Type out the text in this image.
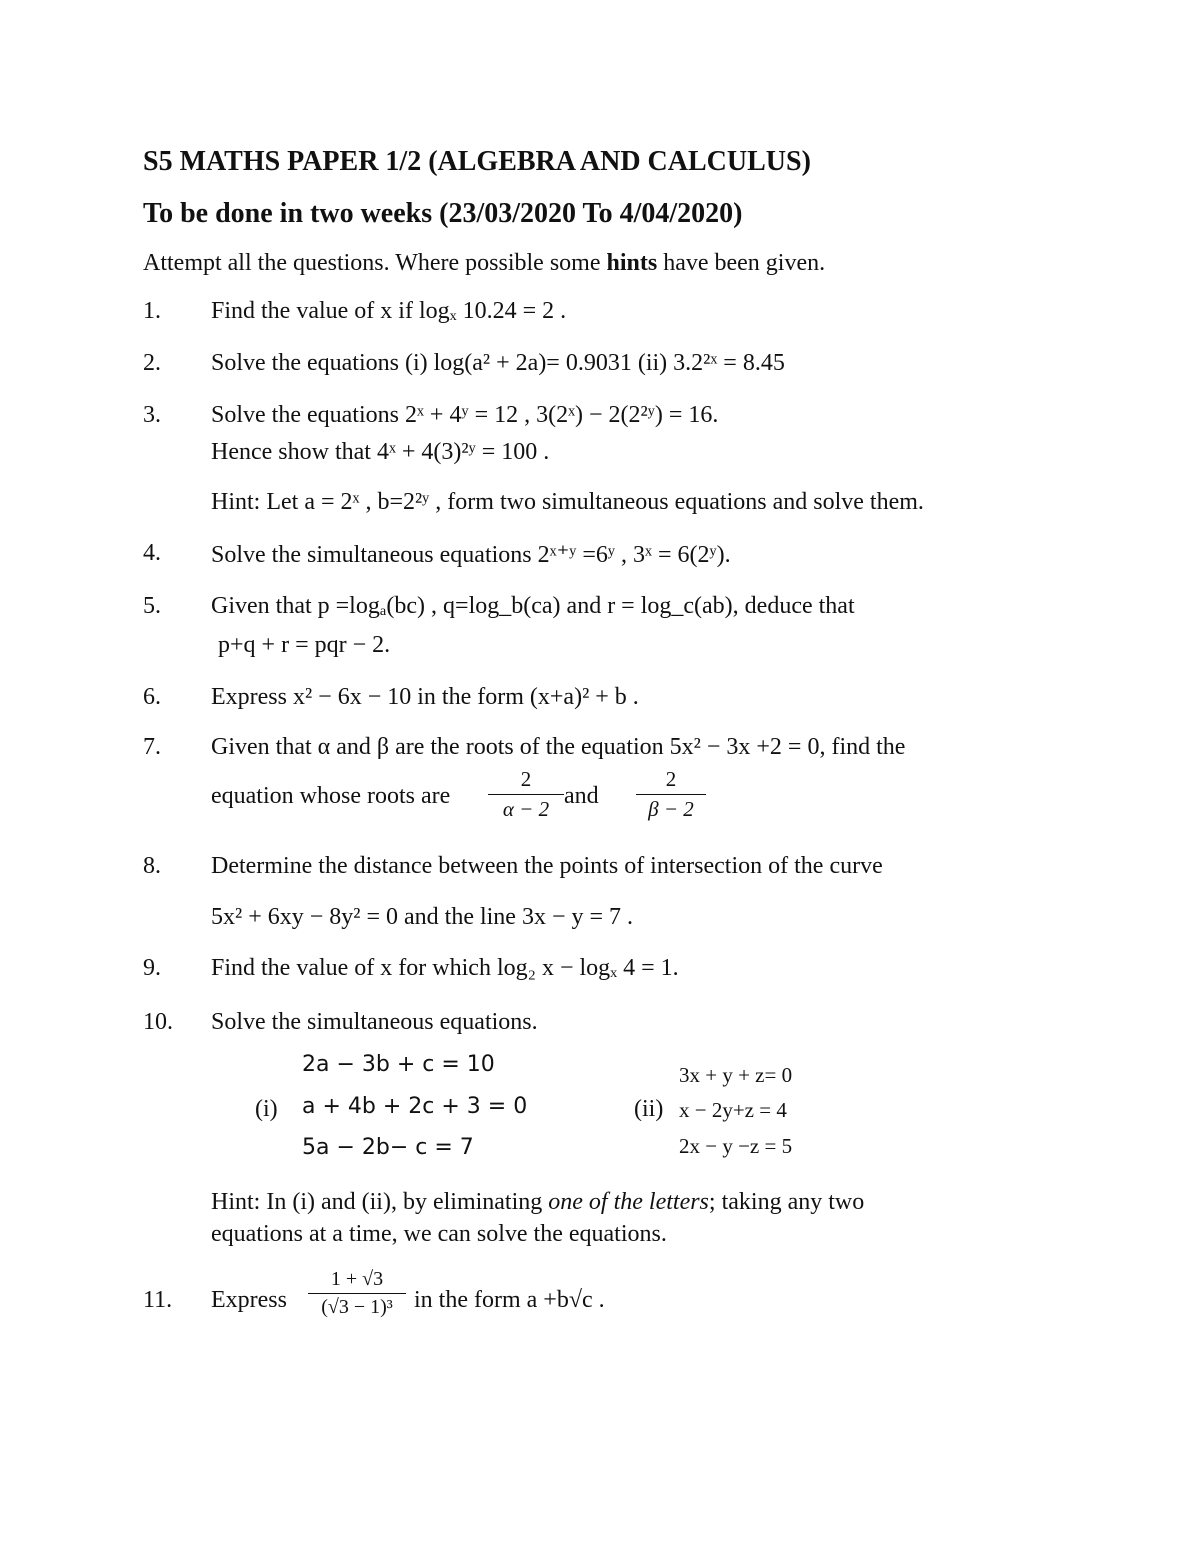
S5 MATHS PAPER 1/2 (ALGEBRA AND CALCULUS)
To be done in two weeks (23/03/2020 To 4/04/2020)
Attempt all the questions. Where possible some hints have been given.
1. Find the value of x if logₓ 10.24 = 2 .
2. Solve the equations (i) log(a² + 2a)= 0.9031 (ii) 3.2²ˣ = 8.45
3. Solve the equations 2ˣ + 4ʸ = 12 , 3(2ˣ) − 2(2²ʸ) = 16.
Hence show that 4ˣ + 4(3)²ʸ = 100 .
Hint: Let a = 2ˣ , b=2²ʸ , form two simultaneous equations and solve them.
4. Solve the simultaneous equations 2ˣ⁺ʸ =6ʸ , 3ˣ = 6(2ʸ).
5. Given that p =logₐ(bc) , q=log_b(ca) and r = log_c(ab), deduce that
p+q + r = pqr − 2.
6. Express x² − 6x − 10 in the form (x+a)² + b .
7. Given that α and β are the roots of the equation 5x² − 3x +2 = 0, find the
equation whose roots are $\frac{2}{\alpha - 2}$ and $\frac{2}{\beta - 2}$
8. Determine the distance between the points of intersection of the curve
5x² + 6xy − 8y² = 0 and the line 3x − y = 7 .
9. Find the value of x for which log₂ x − logₓ 4 = 1.
10. Solve the simultaneous equations.
2a − 3b + c = 10
(i) a + 4b + 2c + 3 = 0
5a − 2b− c = 7
3x + y + z= 0
(ii) x − 2y+z = 4
2x − y −z = 5
Hint: In (i) and (ii), by eliminating one of the letters; taking any two
equations at a time, we can solve the equations.
11. Express $\frac{1 + √3}{\text{(√3 − 1)³}}$ in the form a +b√c .
